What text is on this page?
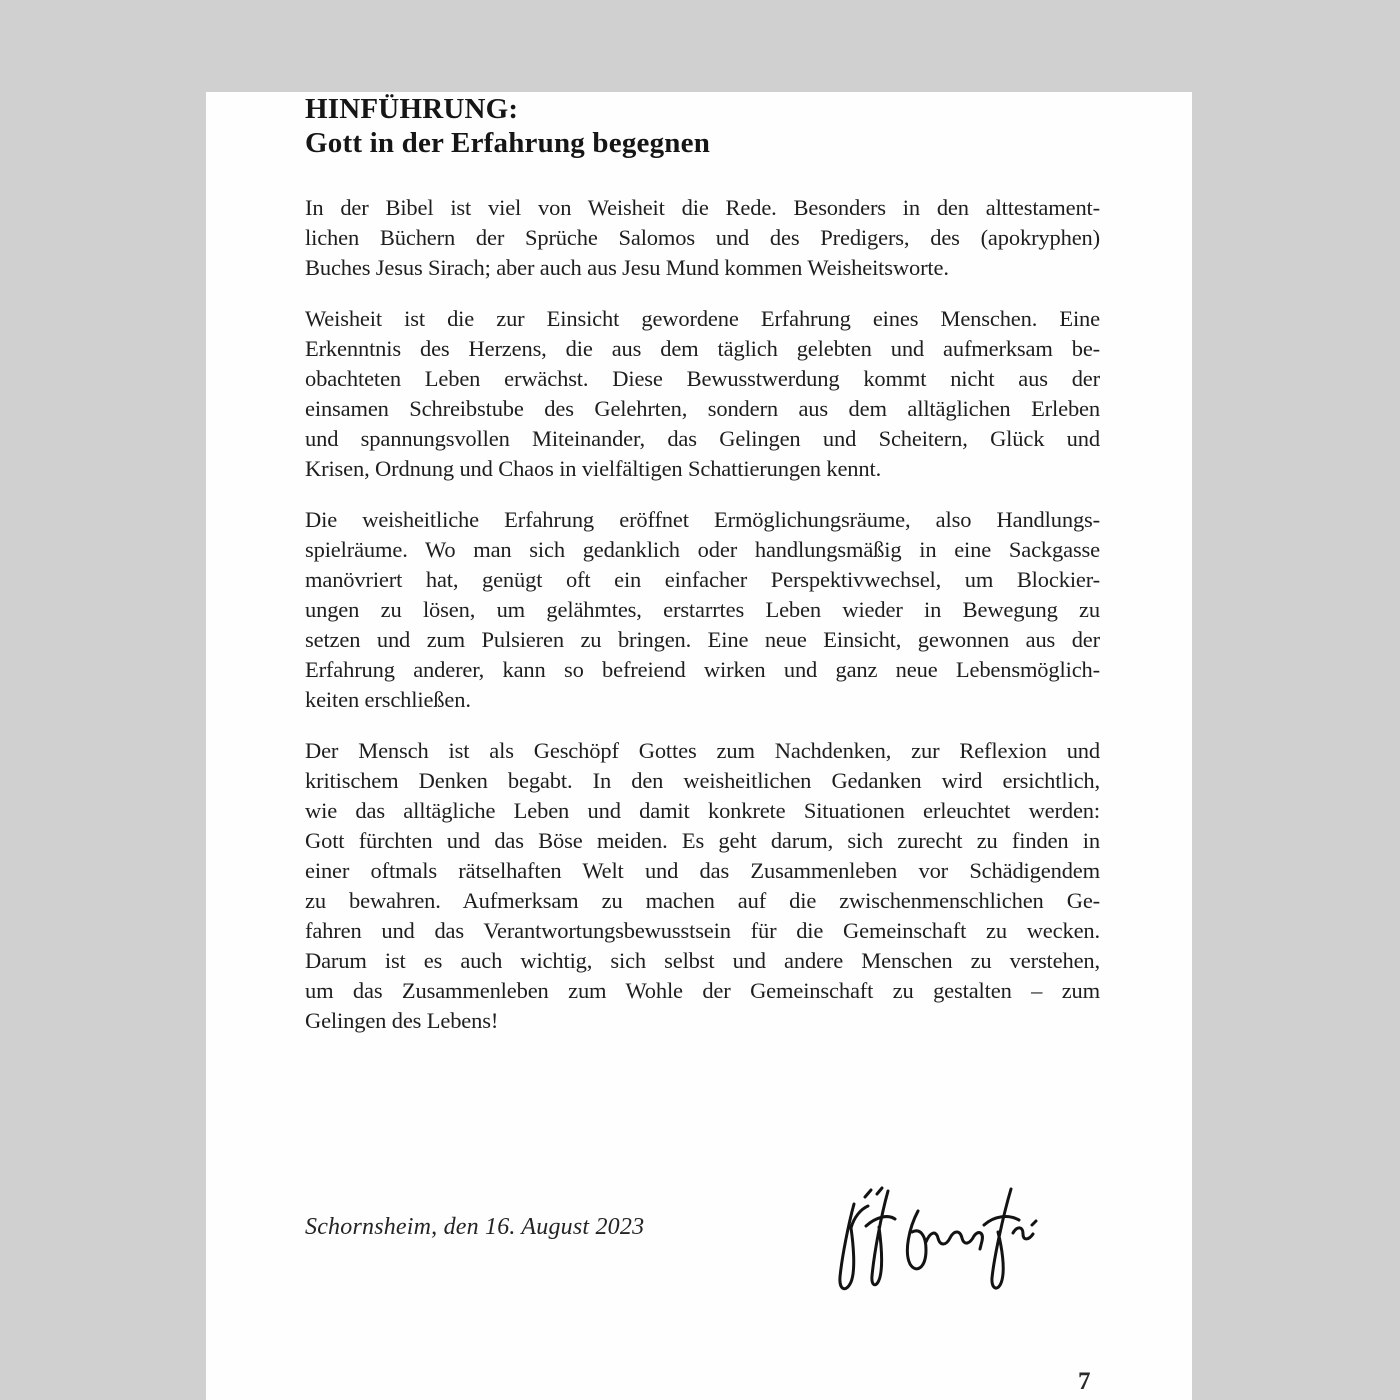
HINFÜHRUNG:
Gott in der Erfahrung begegnen
In der Bibel ist viel von Weisheit die Rede. Besonders in den alttestament-
lichen Büchern der Sprüche Salomos und des Predigers, des (apokryphen)
Buches Jesus Sirach; aber auch aus Jesu Mund kommen Weisheitsworte.
Weisheit ist die zur Einsicht gewordene Erfahrung eines Menschen. Eine
Erkenntnis des Herzens, die aus dem täglich gelebten und aufmerksam be-
obachteten Leben erwächst. Diese Bewusstwerdung kommt nicht aus der
einsamen Schreibstube des Gelehrten, sondern aus dem alltäglichen Erleben
und spannungsvollen Miteinander, das Gelingen und Scheitern, Glück und
Krisen, Ordnung und Chaos in vielfältigen Schattierungen kennt.
Die weisheitliche Erfahrung eröffnet Ermöglichungsräume, also Handlungs-
spielräume. Wo man sich gedanklich oder handlungsmäßig in eine Sackgasse
manövriert hat, genügt oft ein einfacher Perspektivwechsel, um Blockier-
ungen zu lösen, um gelähmtes, erstarrtes Leben wieder in Bewegung zu
setzen und zum Pulsieren zu bringen. Eine neue Einsicht, gewonnen aus der
Erfahrung anderer, kann so befreiend wirken und ganz neue Lebensmöglich-
keiten erschließen.
Der Mensch ist als Geschöpf Gottes zum Nachdenken, zur Reflexion und
kritischem Denken begabt. In den weisheitlichen Gedanken wird ersichtlich,
wie das alltägliche Leben und damit konkrete Situationen erleuchtet werden:
Gott fürchten und das Böse meiden. Es geht darum, sich zurecht zu finden in
einer oftmals rätselhaften Welt und das Zusammenleben vor Schädigendem
zu bewahren. Aufmerksam zu machen auf die zwischenmenschlichen Ge-
fahren und das Verantwortungsbewusstsein für die Gemeinschaft zu wecken.
Darum ist es auch wichtig, sich selbst und andere Menschen zu verstehen,
um das Zusammenleben zum Wohle der Gemeinschaft zu gestalten – zum
Gelingen des Lebens!
Schornsheim, den 16. August 2023
7
